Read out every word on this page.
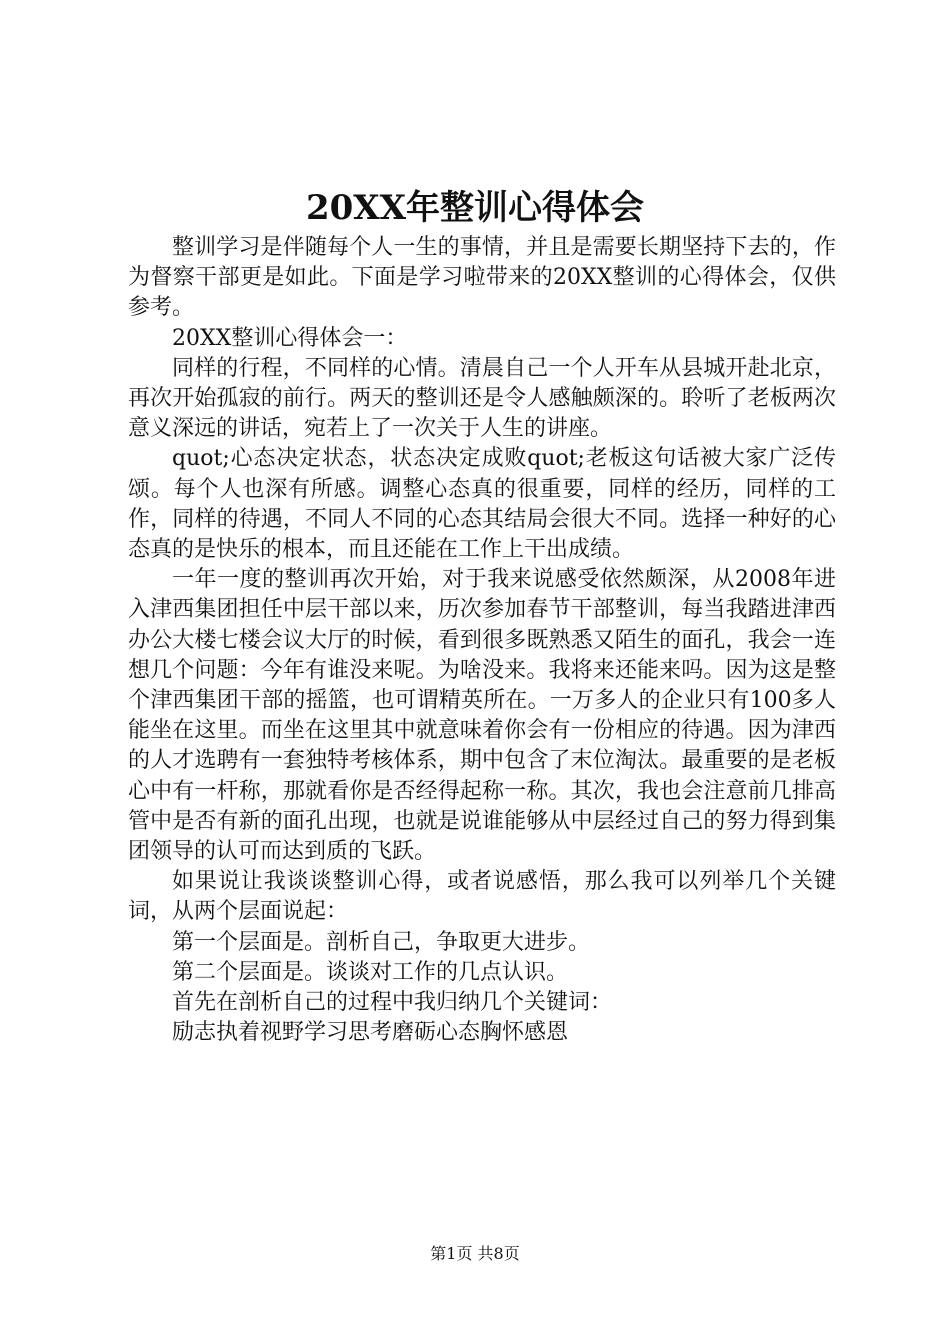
20XX年整训心得体会

整训学习是伴随每个人一生的事情，并且是需要长期坚持下去的，作为督察干部更是如此。下面是学习啦带来的20XX整训的心得体会，仅供参考。

20XX整训心得体会一：

同样的行程，不同样的心情。清晨自己一个人开车从县城开赴北京，再次开始孤寂的前行。两天的整训还是令人感触颇深的。聆听了老板两次意义深远的讲话，宛若上了一次关于人生的讲座。

quot;心态决定状态，状态决定成败quot;老板这句话被大家广泛传颂。每个人也深有所感。调整心态真的很重要，同样的经历，同样的工作，同样的待遇，不同人不同的心态其结局会很大不同。选择一种好的心态真的是快乐的根本，而且还能在工作上干出成绩。

一年一度的整训再次开始，对于我来说感受依然颇深，从2008年进入津西集团担任中层干部以来，历次参加春节干部整训，每当我踏进津西办公大楼七楼会议大厅的时候，看到很多既熟悉又陌生的面孔，我会一连想几个问题：今年有谁没来呢。为啥没来。我将来还能来吗。因为这是整个津西集团干部的摇篮，也可谓精英所在。一万多人的企业只有100多人能坐在这里。而坐在这里其中就意味着你会有一份相应的待遇。因为津西的人才选聘有一套独特考核体系，期中包含了末位淘汰。最重要的是老板心中有一杆称，那就看你是否经得起称一称。其次，我也会注意前几排高管中是否有新的面孔出现，也就是说谁能够从中层经过自己的努力得到集团领导的认可而达到质的飞跃。

如果说让我谈谈整训心得，或者说感悟，那么我可以列举几个关键词，从两个层面说起：

第一个层面是。剖析自己，争取更大进步。

第二个层面是。谈谈对工作的几点认识。

首先在剖析自己的过程中我归纳几个关键词：

励志执着视野学习思考磨砺心态胸怀感恩

第1页 共8页
